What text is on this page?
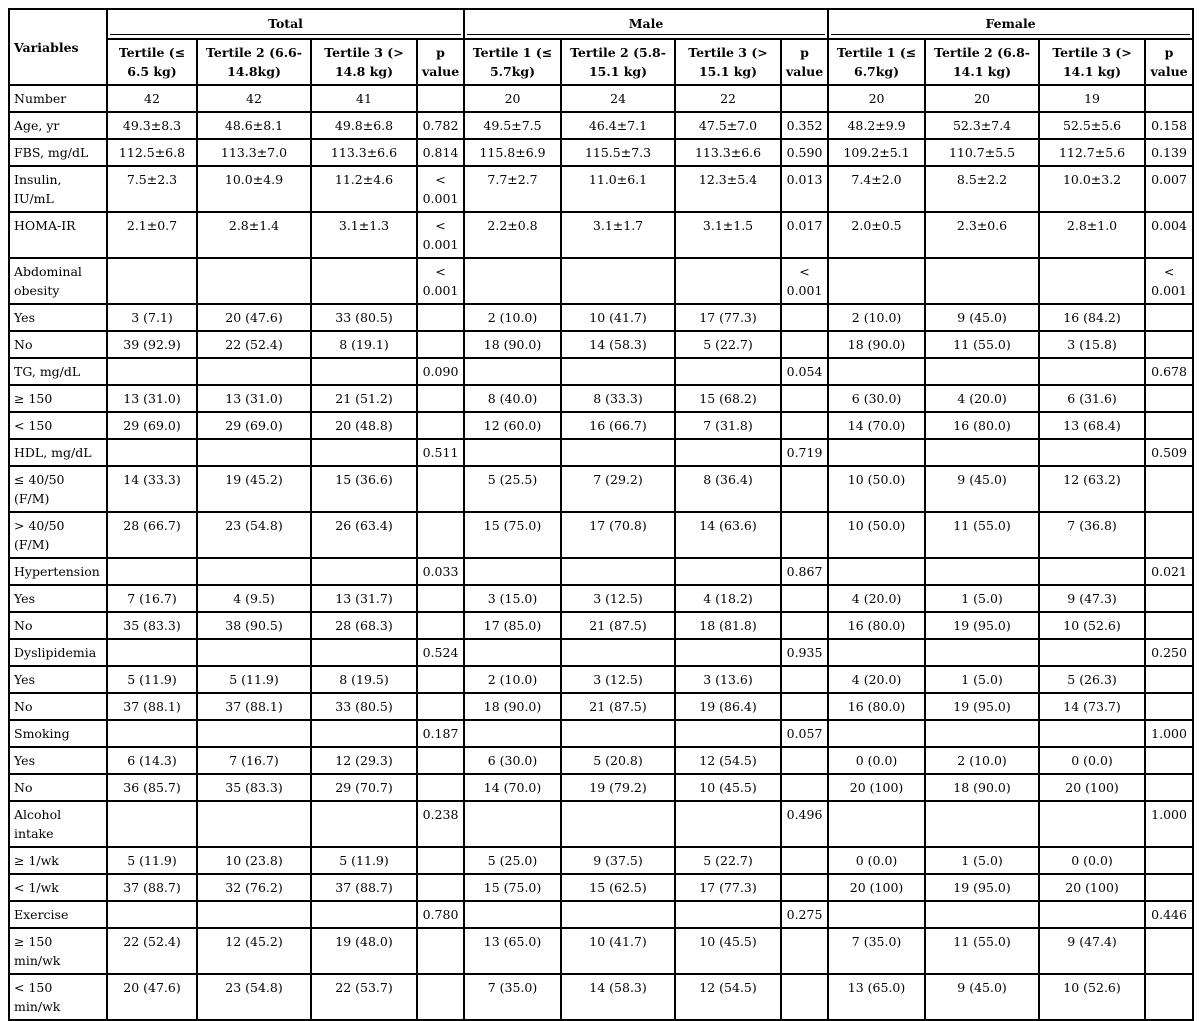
Variables	Total				Male				Female			

	Tertile (≤ 6.5 kg)	Tertile 2 (6.6-14.8kg)	Tertile 3 (> 14.8 kg)	p value	Tertile 1 (≤ 5.7kg)	Tertile 2 (5.8-15.1 kg)	Tertile 3 (> 15.1 kg)	p value	Tertile 1 (≤ 6.7kg)	Tertile 2 (6.8-14.1 kg)	Tertile 3 (> 14.1 kg)	p value
Number	42	42	41		20	24	22		20	20	19	
Age, yr	49.3±8.3	48.6±8.1	49.8±6.8	0.782	49.5±7.5	46.4±7.1	47.5±7.0	0.352	48.2±9.9	52.3±7.4	52.5±5.6	0.158
FBS, mg/dL	112.5±6.8	113.3±7.0	113.3±6.6	0.814	115.8±6.9	115.5±7.3	113.3±6.6	0.590	109.2±5.1	110.7±5.5	112.7±5.6	0.139
Insulin, IU/mL	7.5±2.3	10.0±4.9	11.2±4.6	< 0.001	7.7±2.7	11.0±6.1	12.3±5.4	0.013	7.4±2.0	8.5±2.2	10.0±3.2	0.007
HOMA-IR	2.1±0.7	2.8±1.4	3.1±1.3	< 0.001	2.2±0.8	3.1±1.7	3.1±1.5	0.017	2.0±0.5	2.3±0.6	2.8±1.0	0.004
Abdominal obesity				< 0.001				< 0.001				< 0.001
Yes	3 (7.1)	20 (47.6)	33 (80.5)		2 (10.0)	10 (41.7)	17 (77.3)		2 (10.0)	9 (45.0)	16 (84.2)	
No	39 (92.9)	22 (52.4)	8 (19.1)		18 (90.0)	14 (58.3)	5 (22.7)		18 (90.0)	11 (55.0)	3 (15.8)	
TG, mg/dL				0.090				0.054				0.678
≥ 150	13 (31.0)	13 (31.0)	21 (51.2)		8 (40.0)	8 (33.3)	15 (68.2)		6 (30.0)	4 (20.0)	6 (31.6)	
< 150	29 (69.0)	29 (69.0)	20 (48.8)		12 (60.0)	16 (66.7)	7 (31.8)		14 (70.0)	16 (80.0)	13 (68.4)	
HDL, mg/dL				0.511				0.719				0.509
≤ 40/50 (F/M)	14 (33.3)	19 (45.2)	15 (36.6)		5 (25.5)	7 (29.2)	8 (36.4)		10 (50.0)	9 (45.0)	12 (63.2)	
> 40/50 (F/M)	28 (66.7)	23 (54.8)	26 (63.4)		15 (75.0)	17 (70.8)	14 (63.6)		10 (50.0)	11 (55.0)	7 (36.8)	
Hypertension				0.033				0.867				0.021
Yes	7 (16.7)	4 (9.5)	13 (31.7)		3 (15.0)	3 (12.5)	4 (18.2)		4 (20.0)	1 (5.0)	9 (47.3)	
No	35 (83.3)	38 (90.5)	28 (68.3)		17 (85.0)	21 (87.5)	18 (81.8)		16 (80.0)	19 (95.0)	10 (52.6)	
Dyslipidemia				0.524				0.935				0.250
Yes	5 (11.9)	5 (11.9)	8 (19.5)		2 (10.0)	3 (12.5)	3 (13.6)		4 (20.0)	1 (5.0)	5 (26.3)	
No	37 (88.1)	37 (88.1)	33 (80.5)		18 (90.0)	21 (87.5)	19 (86.4)		16 (80.0)	19 (95.0)	14 (73.7)	
Smoking				0.187				0.057				1.000
Yes	6 (14.3)	7 (16.7)	12 (29.3)		6 (30.0)	5 (20.8)	12 (54.5)		0 (0.0)	2 (10.0)	0 (0.0)	
No	36 (85.7)	35 (83.3)	29 (70.7)		14 (70.0)	19 (79.2)	10 (45.5)		20 (100)	18 (90.0)	20 (100)	
Alcohol intake				0.238				0.496				1.000
≥ 1/wk	5 (11.9)	10 (23.8)	5 (11.9)		5 (25.0)	9 (37.5)	5 (22.7)		0 (0.0)	1 (5.0)	0 (0.0)	
< 1/wk	37 (88.7)	32 (76.2)	37 (88.7)		15 (75.0)	15 (62.5)	17 (77.3)		20 (100)	19 (95.0)	20 (100)	
Exercise				0.780				0.275				0.446
≥ 150 min/wk	22 (52.4)	12 (45.2)	19 (48.0)		13 (65.0)	10 (41.7)	10 (45.5)		7 (35.0)	11 (55.0)	9 (47.4)	
< 150 min/wk	20 (47.6)	23 (54.8)	22 (53.7)		7 (35.0)	14 (58.3)	12 (54.5)		13 (65.0)	9 (45.0)	10 (52.6)	
